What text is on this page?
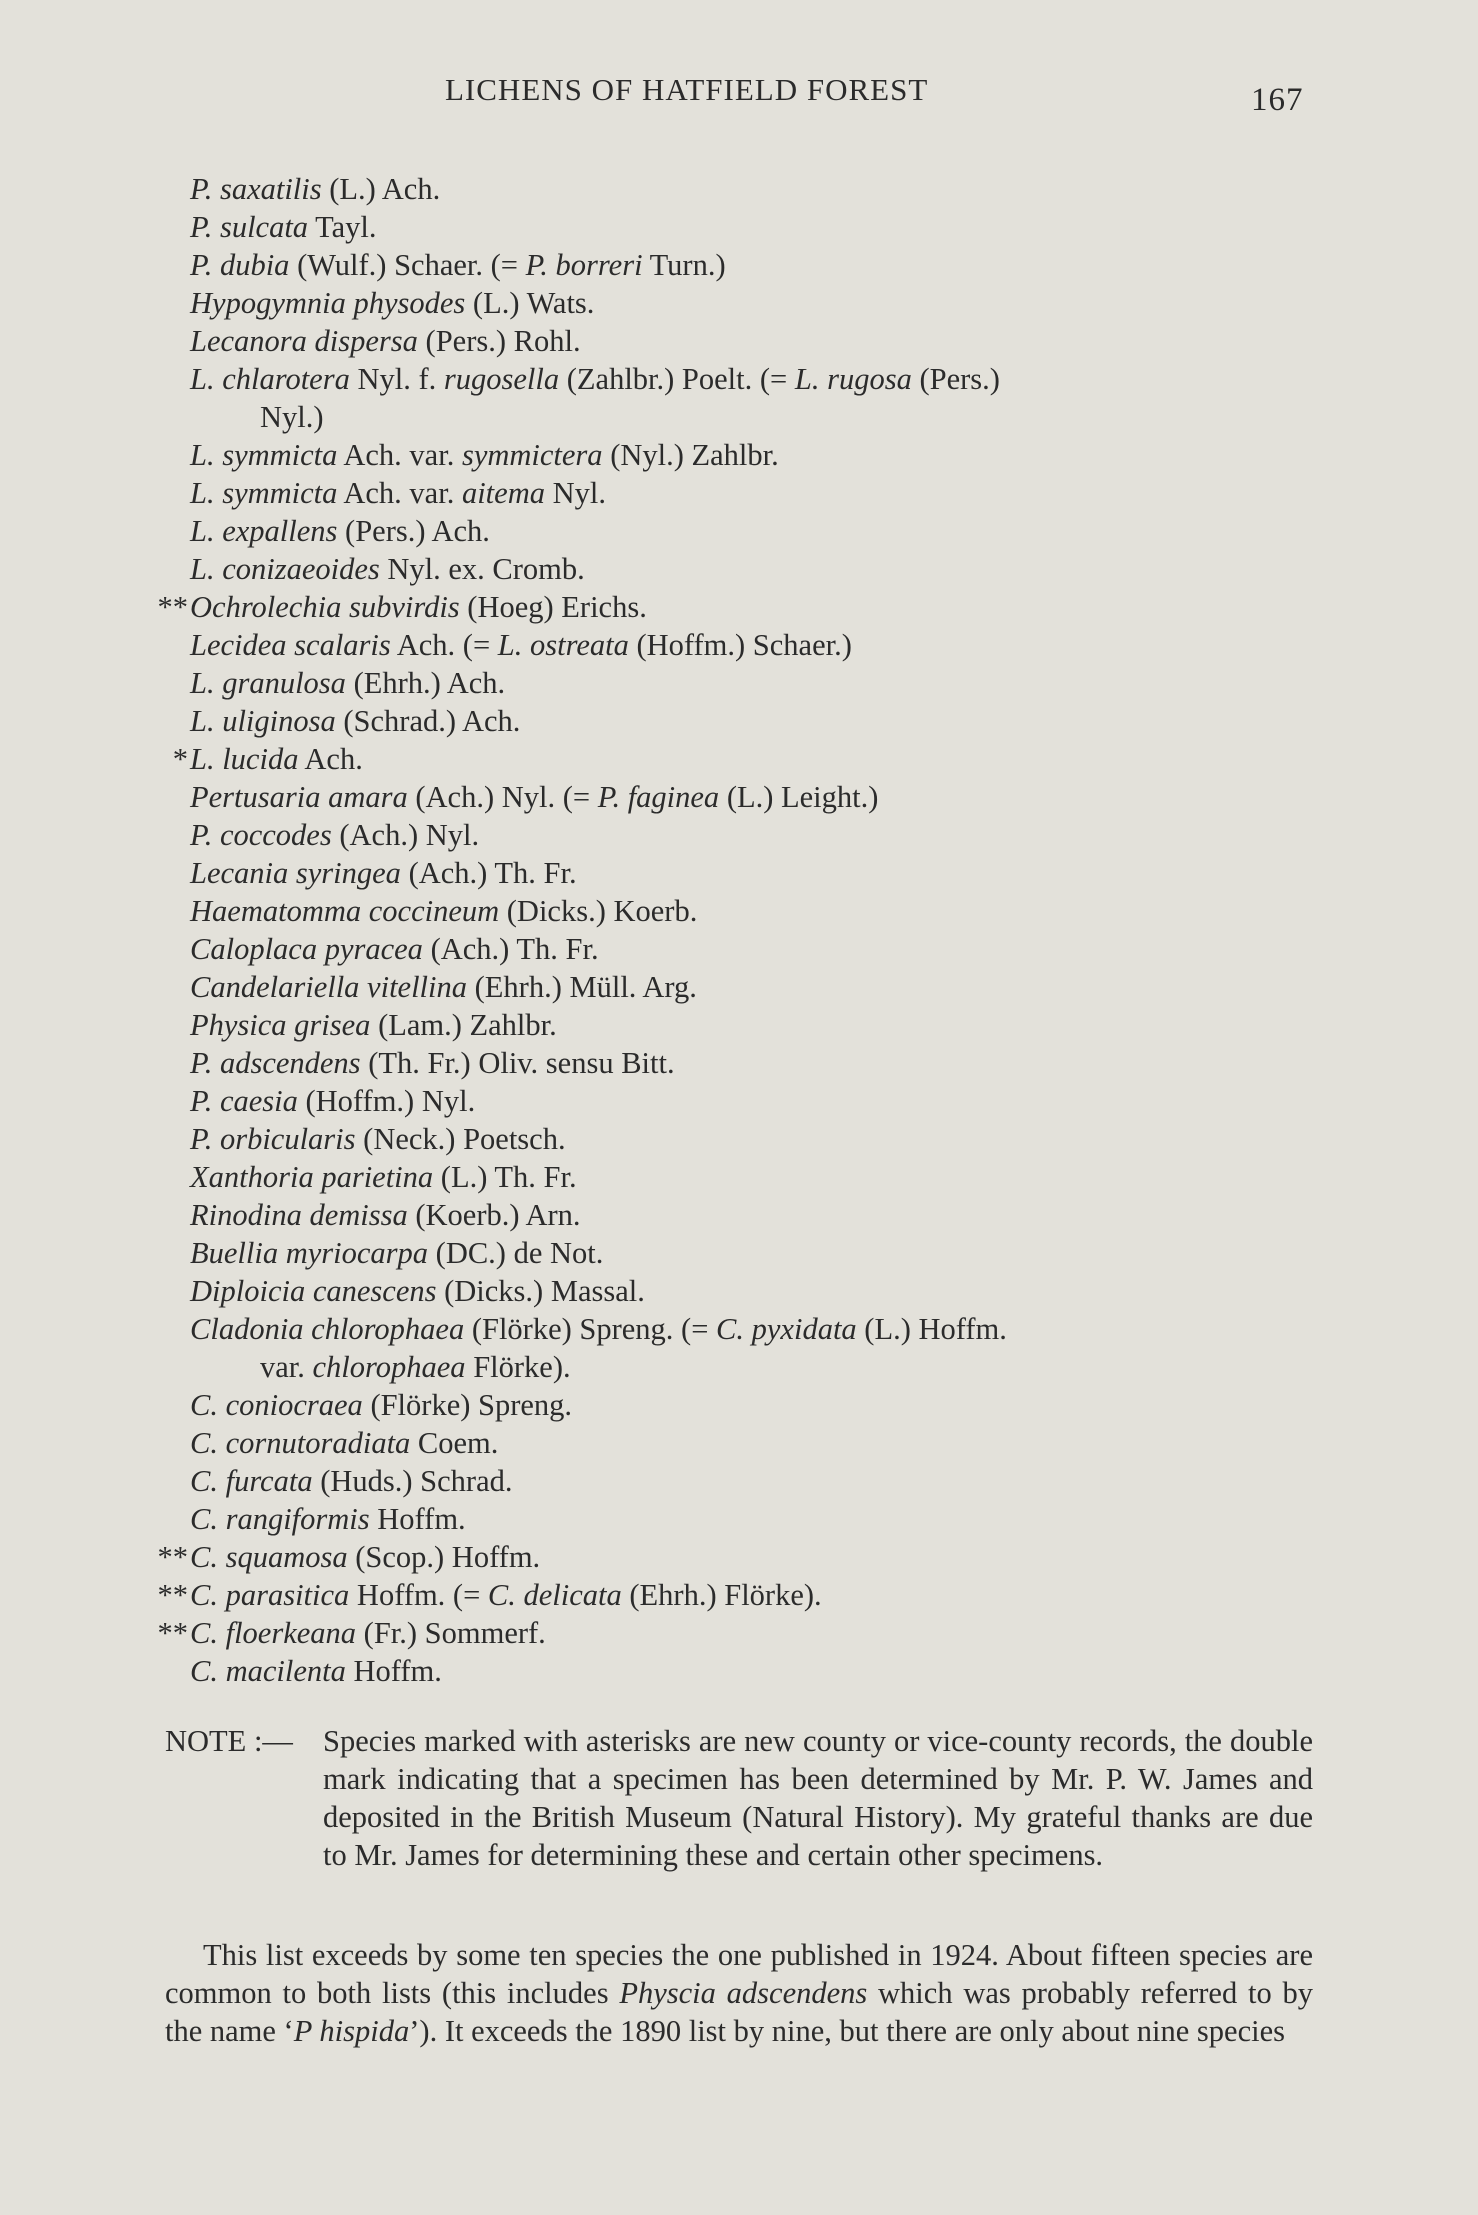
LICHENS OF HATFIELD FOREST	167
P. saxatilis (L.) Ach.
P. sulcata Tayl.
P. dubia (Wulf.) Schaer. (= P. borreri Turn.)
Hypogymnia physodes (L.) Wats.
Lecanora dispersa (Pers.) Rohl.
L. chlarotera Nyl. f. rugosella (Zahlbr.) Poelt. (= L. rugosa (Pers.)
Nyl.)
L. symmicta Ach. var. symmictera (Nyl.) Zahlbr.
L. symmicta Ach. var. aitema Nyl.
L. expallens (Pers.) Ach.
L. conizaeoides Nyl. ex. Cromb.
** Ochrolechia subvirdis (Hoeg) Erichs.
Lecidea scalaris Ach. (= L. ostreata (Hoffm.) Schaer.)
L. granulosa (Ehrh.) Ach.
L. uliginosa (Schrad.) Ach.
* L. lucida Ach.
Pertusaria amara (Ach.) Nyl. (= P. faginea (L.) Leight.)
P. coccodes (Ach.) Nyl.
Lecania syringea (Ach.) Th. Fr.
Haematomma coccineum (Dicks.) Koerb.
Caloplaca pyracea (Ach.) Th. Fr.
Candelariella vitellina (Ehrh.) Müll. Arg.
Physica grisea (Lam.) Zahlbr.
P. adscendens (Th. Fr.) Oliv. sensu Bitt.
P. caesia (Hoffm.) Nyl.
P. orbicularis (Neck.) Poetsch.
Xanthoria parietina (L.) Th. Fr.
Rinodina demissa (Koerb.) Arn.
Buellia myriocarpa (DC.) de Not.
Diploicia canescens (Dicks.) Massal.
Cladonia chlorophaea (Flörke) Spreng. (= C. pyxidata (L.) Hoffm.
var. chlorophaea Flörke).
C. coniocraea (Flörke) Spreng.
C. cornutoradiata Coem.
C. furcata (Huds.) Schrad.
C. rangiformis Hoffm.
** C. squamosa (Scop.) Hoffm.
** C. parasitica Hoffm. (= C. delicata (Ehrh.) Flörke).
** C. floerkeana (Fr.) Sommerf.
C. macilenta Hoffm.
NOTE :— Species marked with asterisks are new county or vice-county records, the double mark indicating that a specimen has been determined by Mr. P. W. James and deposited in the British Museum (Natural History). My grateful thanks are due to Mr. James for determining these and certain other specimens.
This list exceeds by some ten species the one published in 1924. About fifteen species are common to both lists (this includes Physcia adscendens which was probably referred to by the name ‘P hispida’). It exceeds the 1890 list by nine, but there are only about nine species
